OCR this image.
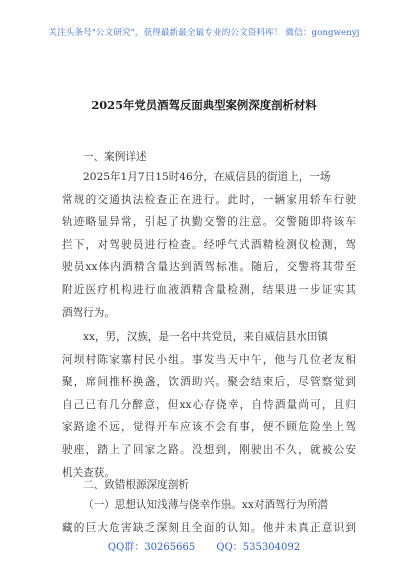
关注头条号"公文研究"，获得最新最全最专业的公文资料库！ 微信：gongwenyj
2025年党员酒驾反面典型案例深度剖析材料
一、案例详述
2025年1月7日15时46分，在威信县的街道上，一场
常规的交通执法检查正在进行。此时，一辆家用轿车行驶
轨迹略显异常，引起了执勤交警的注意。交警随即将该车
拦下，对驾驶员进行检查。经呼气式酒精检测仪检测，驾
驶员xx体内酒精含量达到酒驾标准。随后，交警将其带至
附近医疗机构进行血液酒精含量检测，结果进一步证实其
酒驾行为。
xx，男，汉族，是一名中共党员，来自威信县水田镇
河坝村陈家寨村民小组。事发当天中午，他与几位老友相
聚，席间推杯换盏，饮酒助兴。聚会结束后，尽管察觉到
自己已有几分醉意，但xx心存侥幸，自恃酒量尚可，且归
家路途不远，觉得开车应该不会有事，便不顾危险坐上驾
驶座，踏上了回家之路。没想到，刚驶出不久，就被公安
机关查获。
二、致错根源深度剖析
（一）思想认知浅薄与侥幸作祟。xx对酒驾行为所潜
藏的巨大危害缺乏深刻且全面的认知。他并未真正意识到
QQ群：30265665 QQ：535304092
